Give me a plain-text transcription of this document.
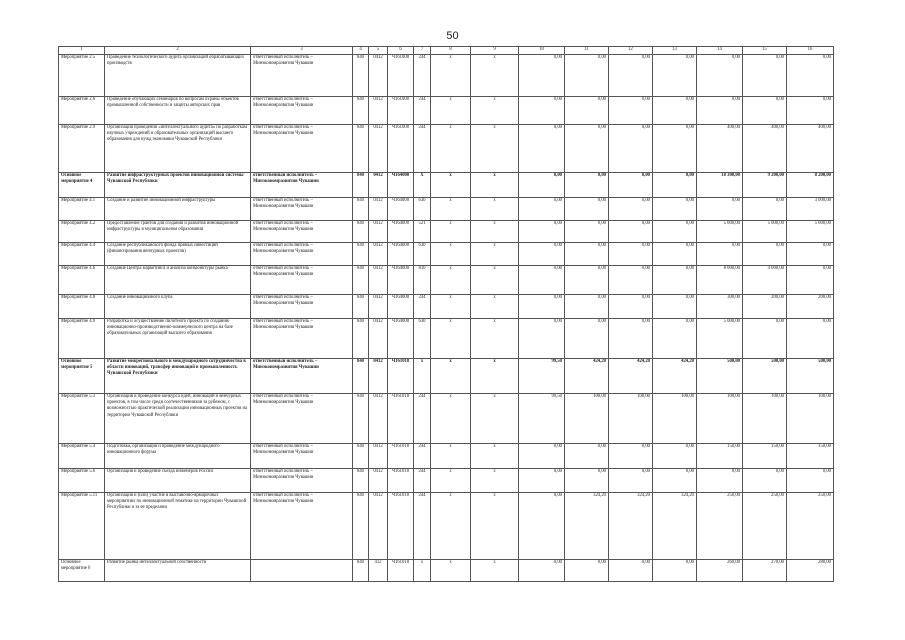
50
1	2	3	4	5	6	7	8	9	10	11	12	13	14	15	16
Мероприятие 2.5	Проведение технологического аудита организаций обрабатывающих производств	ответственный исполнитель – Минэкономразвития Чувашии	840	0412	Ч161000	244	х	х	0,00	0,00	0,00	0,00	0,00	0,00	0,00
Мероприятие 2.6	Проведение обучающих семинаров по вопросам охраны объектов промышленной собственности и защиты авторских прав	ответственный исполнитель – Минэкономразвития Чувашии	840	0412	Ч161000	244	х	х	0,00	0,00	0,00	0,00	0,00	0,00	0,00
Мероприятие 2.9	Организация проведения «интеллектуального аудита» по разработкам научных учреждений и образовательных организаций высшего образования для нужд экономики Чувашской Республики	ответственный исполнитель – Минэкономразвития Чувашии	840	0412	Ч161000	244	х	х	0,00	0,00	0,00	0,00	400,00	400,00	400,00
Основное мероприятие 4	Развитие инфраструктурных проектов инновационной системы Чувашской Республики	ответственный исполнитель – Минэкономразвития Чувашии	840	0412	Ч164000	Х	х	х	0,00	0,00	0,00	0,00	18 300,00	9 200,00	8 200,00
Мероприятие 4.1	Создание и развитие инновационной инфраструктуры	ответственный исполнитель – Минэкономразвития Чувашии	840	0412	Ч164000	630	х	х	0,00	0,00	0,00	0,00	0,00	0,00	3 000,00
Мероприятие 4.2	Предоставление грантов для создания и развития инновационной инфраструктуры в муниципальном образовании	ответственный исполнитель – Минэкономразвития Чувашии	840	0412	Ч164000	521	х	х	0,00	0,00	0,00	0,00	5 000,00	5 000,00	5 000,00
Мероприятие 4.4	Создание республиканского фонда прямых инвестиций (финансирования венчурных проектов)	ответственный исполнитель – Минэкономразвития Чувашии	840	0412	Ч164000	630	х	х	0,00	0,00	0,00	0,00	0,00	0,00	0,00
Мероприятие 4.6	Создание Центра маркетинга и анализа конъюнктуры рынка	ответственный исполнитель – Минэкономразвития Чувашии	840	0412	Ч164000	810	х	х	0,00	0,00	0,00	0,00	8 000,00	4 000,00	0,00
Мероприятие 4.8	Создание инновационного клуба	ответственный исполнитель – Минэкономразвития Чувашии	840	0412	Ч164000	244	х	х	0,00	0,00	0,00	0,00	300,00	200,00	200,00
Мероприятие 4.9	Разработка и осуществление пилотного проекта по созданию инновационно-производственно-коммерческого центра на базе образовательных организаций высшего образования	ответственный исполнитель – Минэкономразвития Чувашии	840	0412	Ч164000	630	х	х	0,00	0,00	0,00	0,00	5 000,00	0,00	0,00
Основное мероприятие 5	Развитие межрегионального и международного сотрудничества в области инноваций, трансфер инноваций в промышленность Чувашской Республики	ответственный исполнитель – Минэкономразвития Чувашии	840	0412	Ч161018	х	х	х	99,50	424,20	424,20	424,20	500,00	500,00	500,00
Мероприятие 5.3	Организация и проведение конкурса идей, инноваций и венчурных проектов, в том числе среди соотечественников за рубежом, с возможностью практической реализации инновационных проектов на территории Чувашской Республики	ответственный исполнитель – Минэкономразвития Чувашии	840	0412	Ч161018	244	х	х	99,50	100,00	100,00	100,00	100,00	100,00	100,00
Мероприятие 5.4	Подготовка, организация и проведение международного инновационного форума	ответственный исполнитель – Минэкономразвития Чувашии	840	0412	Ч161018	244	х	х	0,00	0,00	0,00	0,00	150,00	150,00	150,00
Мероприятие 5.6	Организация и проведение съезда инженеров России	ответственный исполнитель – Минэкономразвития Чувашии	840	0412	Ч161018	244	х	х	0,00	0,00	0,00	0,00	0,00	0,00	0,00
Мероприятие 5.11	Организация и (или) участие в выставочно-ярмарочных мероприятиях по инновационной тематике на территории Чувашской Республики и за ее пределами	ответственный исполнитель – Минэкономразвития Чувашии	840	0412	Ч161018	244	х	х	0,00	324,20	324,20	324,20	250,00	250,00	250,00
Основное мероприятие 6	Развитие рынка интеллектуальной собственности		840	412	Ч161018	х	х	х	0,00	0,00	0,00	0,00	260,00	270,00	280,00
